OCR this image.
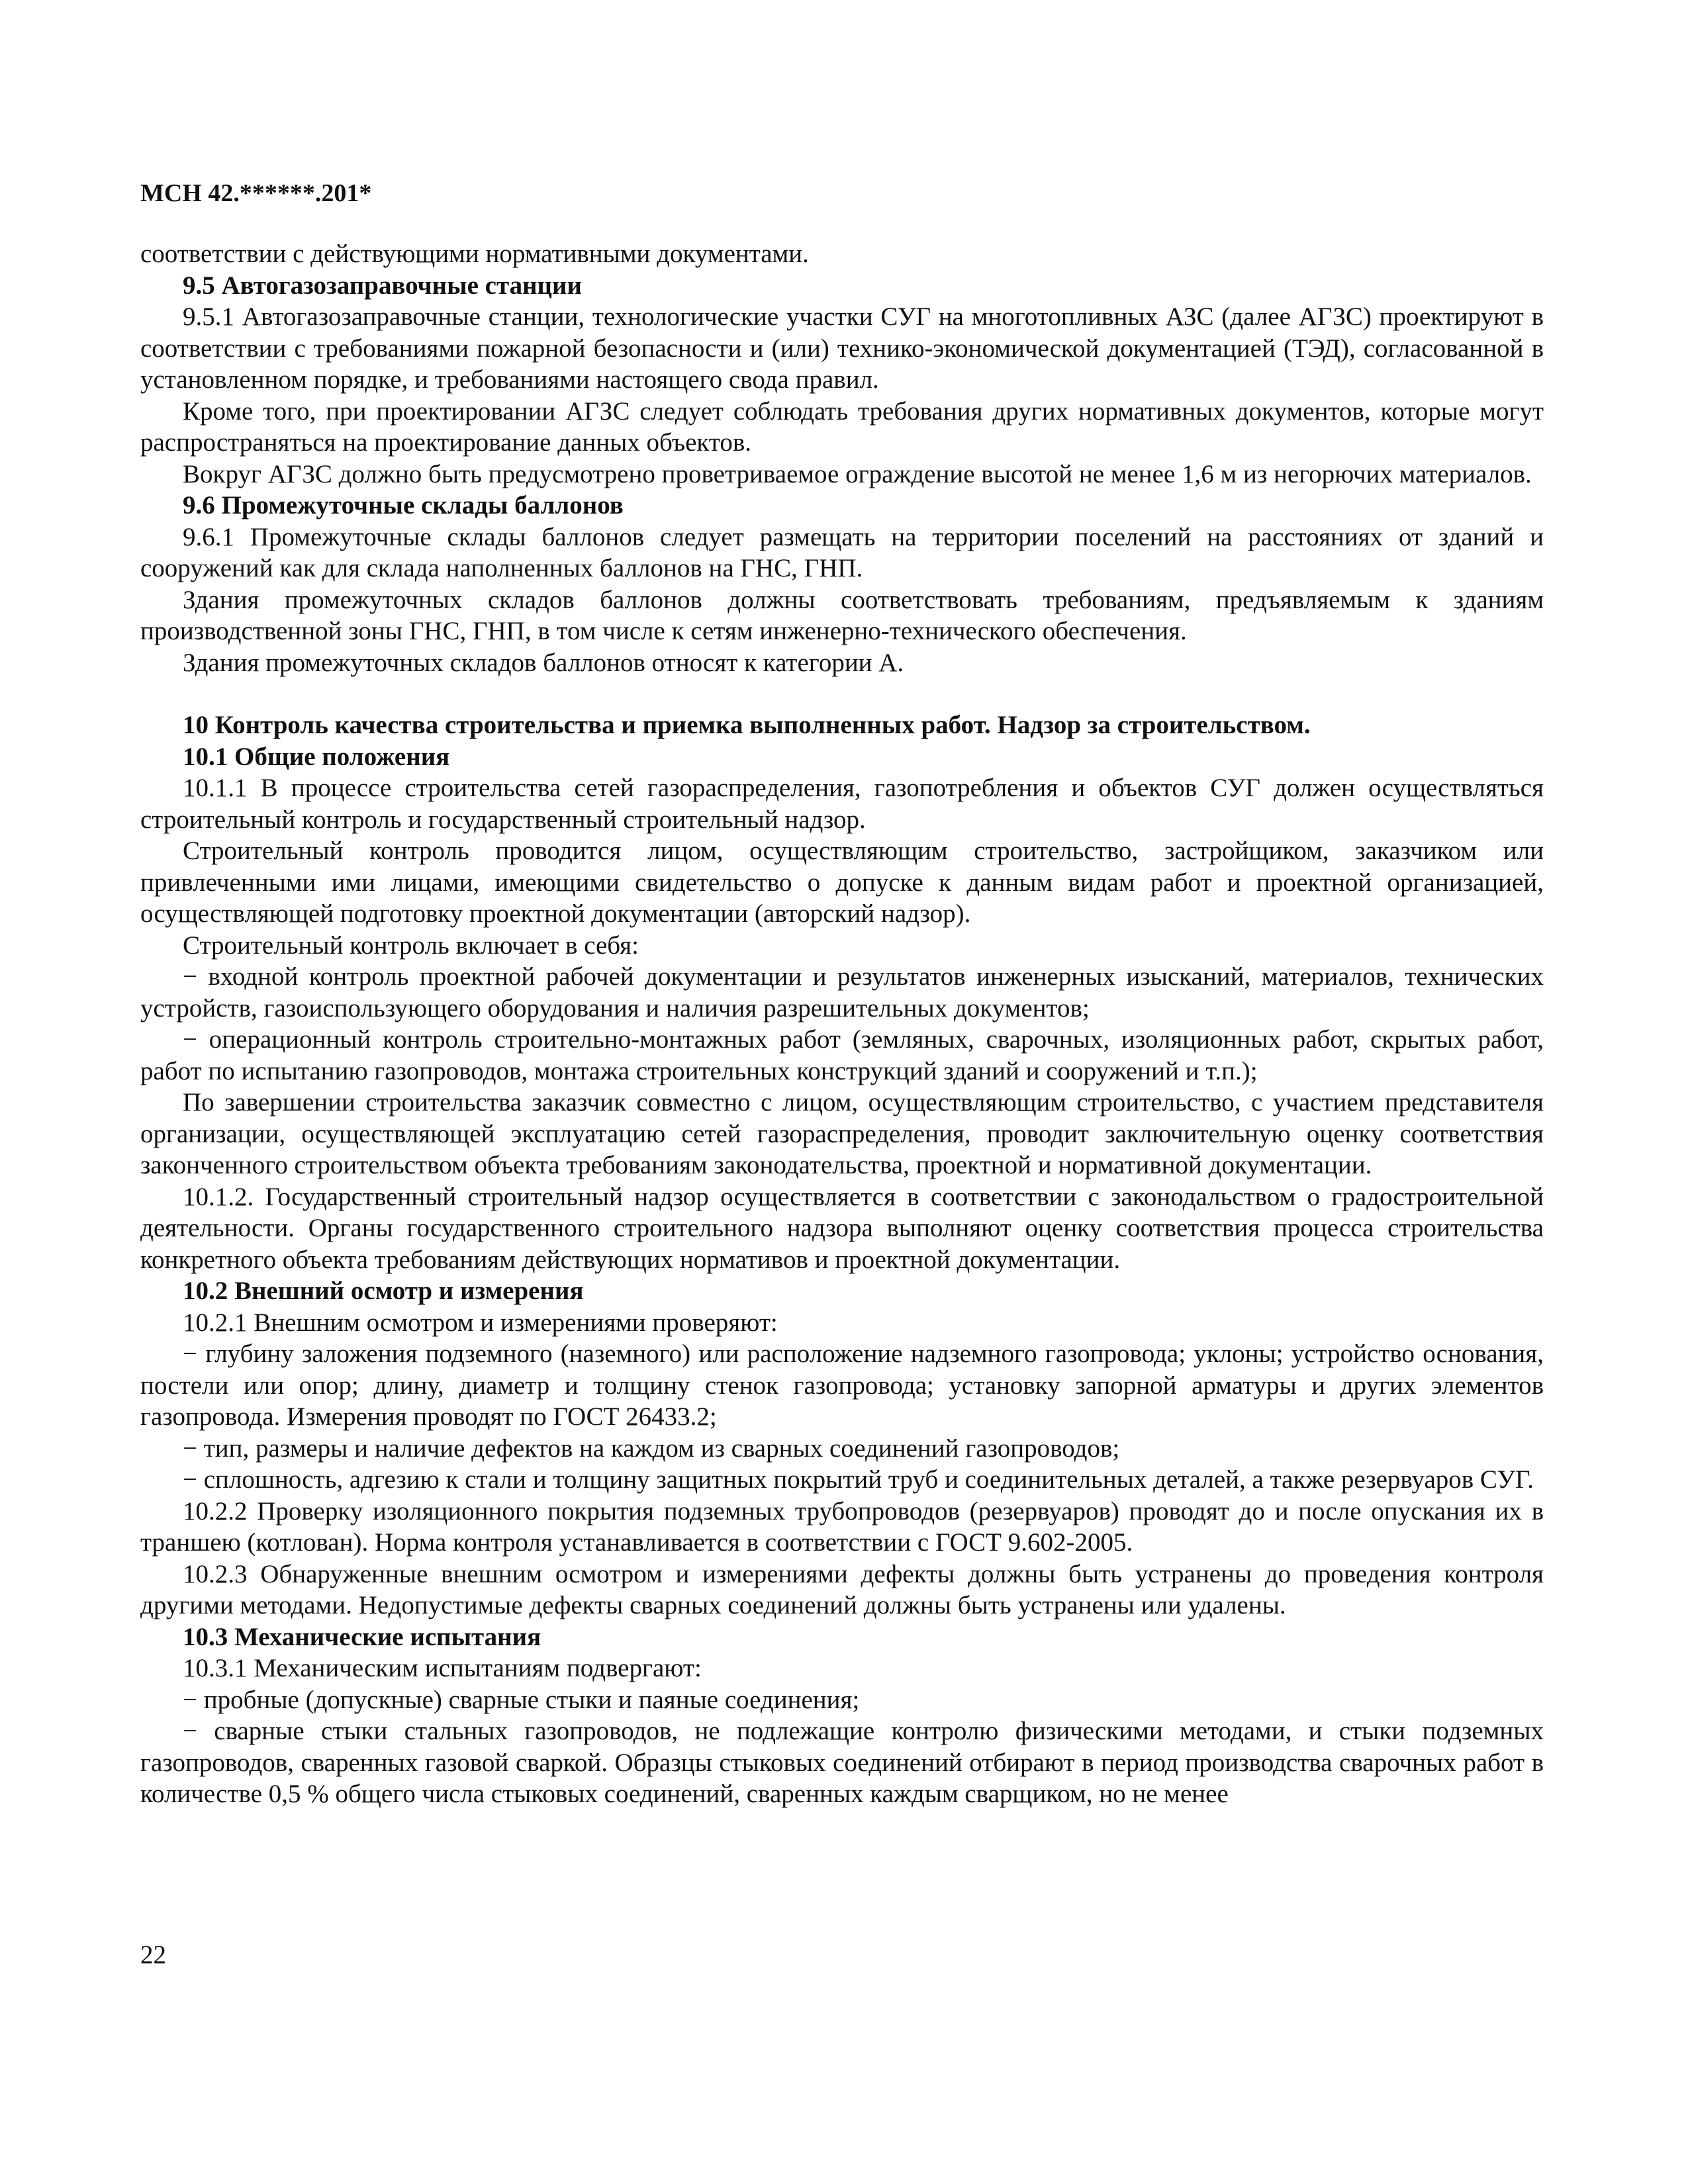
МСН 42.******.201*

соответствии с действующими нормативными документами.

9.5 Автогазозаправочные станции

9.5.1 Автогазозаправочные станции, технологические участки СУГ на многотопливных АЗС (далее АГЗС) проектируют в соответствии с требованиями пожарной безопасности и (или) технико-экономической документацией (ТЭД), согласованной в установленном порядке, и требованиями настоящего свода правил.

Кроме того, при проектировании АГЗС следует соблюдать требования других нормативных документов, которые могут распространяться на проектирование данных объектов.

Вокруг АГЗС должно быть предусмотрено проветриваемое ограждение высотой не менее 1,6 м из негорючих материалов.

9.6 Промежуточные склады баллонов

9.6.1 Промежуточные склады баллонов следует размещать на территории поселений на расстояниях от зданий и сооружений как для склада наполненных баллонов на ГНС, ГНП.

Здания промежуточных складов баллонов должны соответствовать требованиям, предъявляемым к зданиям производственной зоны ГНС, ГНП, в том числе к сетям инженерно-технического обеспечения.

Здания промежуточных складов баллонов относят к категории А.

10 Контроль качества строительства и приемка выполненных работ. Надзор за строительством.

10.1 Общие положения

10.1.1 В процессе строительства сетей газораспределения, газопотребления и объектов СУГ должен осуществляться строительный контроль и государственный строительный надзор.

Строительный контроль проводится лицом, осуществляющим строительство, застройщиком, заказчиком или привлеченными ими лицами, имеющими свидетельство о допуске к данным видам работ и проектной организацией, осуществляющей подготовку проектной документации (авторский надзор).

Строительный контроль включает в себя:

− входной контроль проектной рабочей документации и результатов инженерных изысканий, материалов, технических устройств, газоиспользующего оборудования и наличия разрешительных документов;

− операционный контроль строительно-монтажных работ (земляных, сварочных, изоляционных работ, скрытых работ, работ по испытанию газопроводов, монтажа строительных конструкций зданий и сооружений и т.п.);

По завершении строительства заказчик совместно с лицом, осуществляющим строительство, с участием представителя организации, осуществляющей эксплуатацию сетей газораспределения, проводит заключительную оценку соответствия законченного строительством объекта требованиям законодательства, проектной и нормативной документации.

10.1.2. Государственный строительный надзор осуществляется в соответствии с законодальством о градостроительной деятельности. Органы государственного строительного надзора выполняют оценку соответствия процесса строительства конкретного объекта требованиям действующих нормативов и проектной документации.

10.2 Внешний осмотр и измерения

10.2.1 Внешним осмотром и измерениями проверяют:

− глубину заложения подземного (наземного) или расположение надземного газопровода; уклоны; устройство основания, постели или опор; длину, диаметр и толщину стенок газопровода; установку запорной арматуры и других элементов газопровода. Измерения проводят по ГОСТ 26433.2;

− тип, размеры и наличие дефектов на каждом из сварных соединений газопроводов;

− сплошность, адгезию к стали и толщину защитных покрытий труб и соединительных деталей, а также резервуаров СУГ.

10.2.2 Проверку изоляционного покрытия подземных трубопроводов (резервуаров) проводят до и после опускания их в траншею (котлован). Норма контроля устанавливается в соответствии с ГОСТ 9.602-2005.

10.2.3 Обнаруженные внешним осмотром и измерениями дефекты должны быть устранены до проведения контроля другими методами. Недопустимые дефекты сварных соединений должны быть устранены или удалены.

10.3 Механические испытания

10.3.1 Механическим испытаниям подвергают:

− пробные (допускные) сварные стыки и паяные соединения;

− сварные стыки стальных газопроводов, не подлежащие контролю физическими методами, и стыки подземных газопроводов, сваренных газовой сваркой. Образцы стыковых соединений отбирают в период производства сварочных работ в количестве 0,5 % общего числа стыковых соединений, сваренных каждым сварщиком, но не менее

22
